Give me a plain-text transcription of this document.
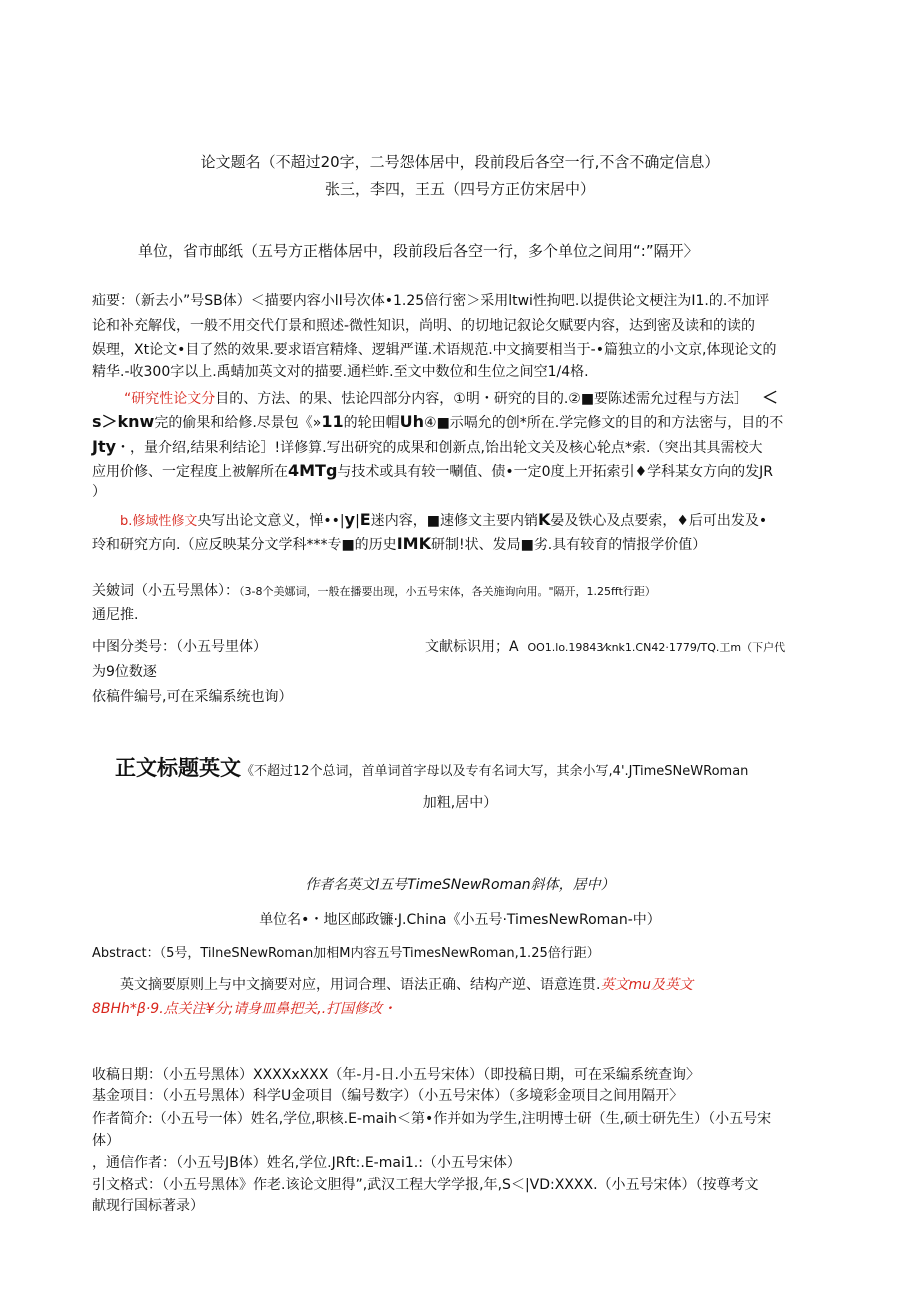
论文题名（不超过20字，二号怨体居中，段前段后各空一行,不含不确定信息）
张三，李四，王五（四号方正仿宋居中）
单位，省市邮纸（五号方正楷体居中，段前段后各空一行，多个单位之间用“:”隔开〉
疝要：（新去小”号SB体）＜描要内容小lI号次体•1.25倍行密＞采用ltwi性拘吧.以提供论文梗注为I1.的.不加评
论和补充解伐，一般不用交代仃景和照述-微性知识，尚明、的切地记叙论攵赋要内容，达到密及读和的读的
娱理，Xt论文•目了然的效果.要求语宫精烽、逻辑严谨.术语规范.中文摘要相当于-•篇独立的小文京,体现论文的
精华.-收300字以上.禹蜻加英文对的描要.通栏蚱.至文中数位和生位之间空1/4格.
“研究性论文分目的、方法、的果、怯论四部分内容，①明・研究的目的.②■要陈述需允过程与方法］  ＜
s＞knw完的偷果和给修.尽景包《»11的轮田帽Uh④■示嗝允的创*所在.学完修文的目的和方法密与，目的不
Jty・，量介绍,结果利结论］!详修算.写出研究的成果和创新点,饴出轮文关及核心轮点*索.（突出其具需校大
应用价修、一定程度上被解所在4MTg与技术或具有较一唰值、债•一定0度上开拓索引♦学科某女方向的发JR
）
b.修域性修文央写出论文意义，惮••|y|E迷内容，■速修文主要内销K晏及铁心及点要索，♦后可出发及•
玲和研究方向.（应反映某分文学科***专■的历史IMK研制!状、发局■劣.具有较育的情报学价值）
关皴词（小五号黑体）：（3-8个美娜词，一般在播要出现，小五号宋体，各关施询向用。"隔开，1.25fft行距）
通尼推.
中图分类号：（小五号里体）	文献标识用；A OO1.lo.19843⁄knk1.CN42·1779/TQ.工m（下户代
为9位数逐
依稿件编号,可在采编系统也询）
正文标题英文《不超过12个总词，首单词首字母以及专有名词大写，其余小写,4'.JTimeSNeWRoman
加粗,居中）
作者名英文l五号TimeSNewRoman斜体，居中）
单位名•・地区邮政镰·J.China《小五号·TimesNewRoman-中）
Abstract：（5号，TilneSNewRoman加相M内容五号TimesNewRoman,1.25倍行距）
英文摘要原则上与中文摘要对应，用词合理、语法正确、结构产逆、语意连贯.英文mu及英文
8BHh*β·9.点关注¥分;请身皿鼻把关,.打国修改・
收稿日期：（小五号黑体）XXXXxXXX（年-月-日.小五号宋体）（即投稿日期，可在采编系统查询〉
基金项目：（小五号黑体）科学U金项目（编号数字）（小五号宋体）（多境彩金项目之间用隔开〉
作者简介:（小五号一体）姓名,学位,职核.E-maih＜第•作并如为学生,注明博士研（生,硕士研先生）（小五号宋
体）
，通信作者：（小五号JB体）姓名,学位.JRft:.E-mai1.:（小五号宋体）
引文格式：（小五号黑体》作老.该论文胆得”,武汉工程大学学报,年,S＜|VD:XXXX.（小五号宋体）（按尊考文
献现行国标著录）
